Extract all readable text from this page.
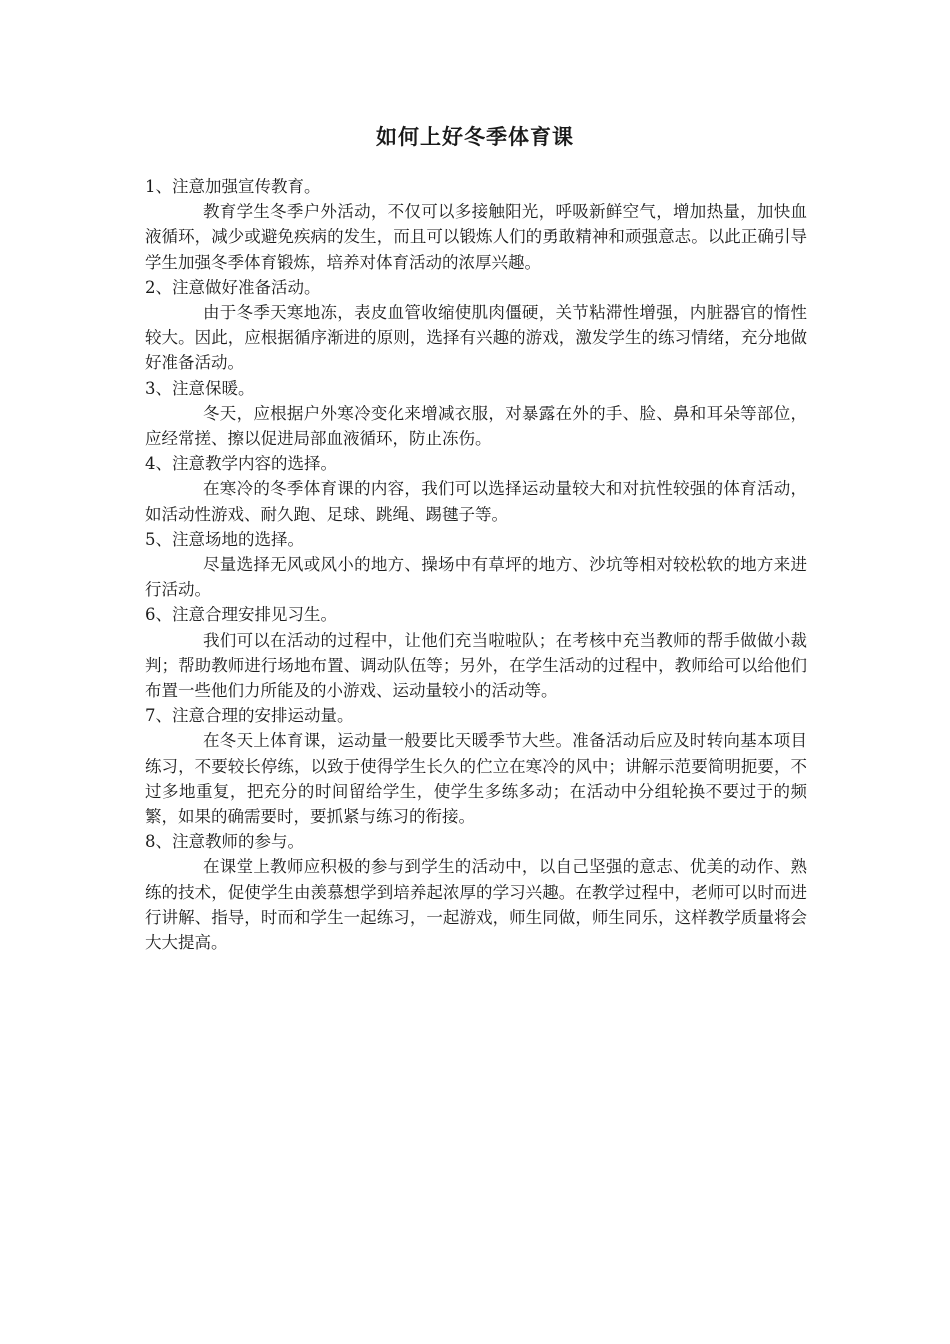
如何上好冬季体育课

1、注意加强宣传教育。

教育学生冬季户外活动，不仅可以多接触阳光，呼吸新鲜空气，增加热量，加快血液循环，减少或避免疾病的发生，而且可以锻炼人们的勇敢精神和顽强意志。以此正确引导学生加强冬季体育锻炼，培养对体育活动的浓厚兴趣。

2、注意做好准备活动。

由于冬季天寒地冻，表皮血管收缩使肌肉僵硬，关节粘滞性增强，内脏器官的惰性较大。因此，应根据循序渐进的原则，选择有兴趣的游戏，激发学生的练习情绪，充分地做好准备活动。

3、注意保暖。

冬天，应根据户外寒冷变化来增减衣服，对暴露在外的手、脸、鼻和耳朵等部位，应经常搓、擦以促进局部血液循环，防止冻伤。

4、注意教学内容的选择。

在寒冷的冬季体育课的内容，我们可以选择运动量较大和对抗性较强的体育活动，如活动性游戏、耐久跑、足球、跳绳、踢毽子等。

5、注意场地的选择。

尽量选择无风或风小的地方、操场中有草坪的地方、沙坑等相对较松软的地方来进行活动。

6、注意合理安排见习生。

我们可以在活动的过程中，让他们充当啦啦队；在考核中充当教师的帮手做做小裁判；帮助教师进行场地布置、调动队伍等；另外，在学生活动的过程中，教师给可以给他们布置一些他们力所能及的小游戏、运动量较小的活动等。

7、注意合理的安排运动量。

在冬天上体育课，运动量一般要比天暖季节大些。准备活动后应及时转向基本项目练习，不要较长停练，以致于使得学生长久的伫立在寒冷的风中；讲解示范要简明扼要，不过多地重复，把充分的时间留给学生，使学生多练多动；在活动中分组轮换不要过于的频繁，如果的确需要时，要抓紧与练习的衔接。

8、注意教师的参与。

在课堂上教师应积极的参与到学生的活动中，以自己坚强的意志、优美的动作、熟练的技术，促使学生由羡慕想学到培养起浓厚的学习兴趣。在教学过程中，老师可以时而进行讲解、指导，时而和学生一起练习，一起游戏，师生同做，师生同乐，这样教学质量将会大大提高。
